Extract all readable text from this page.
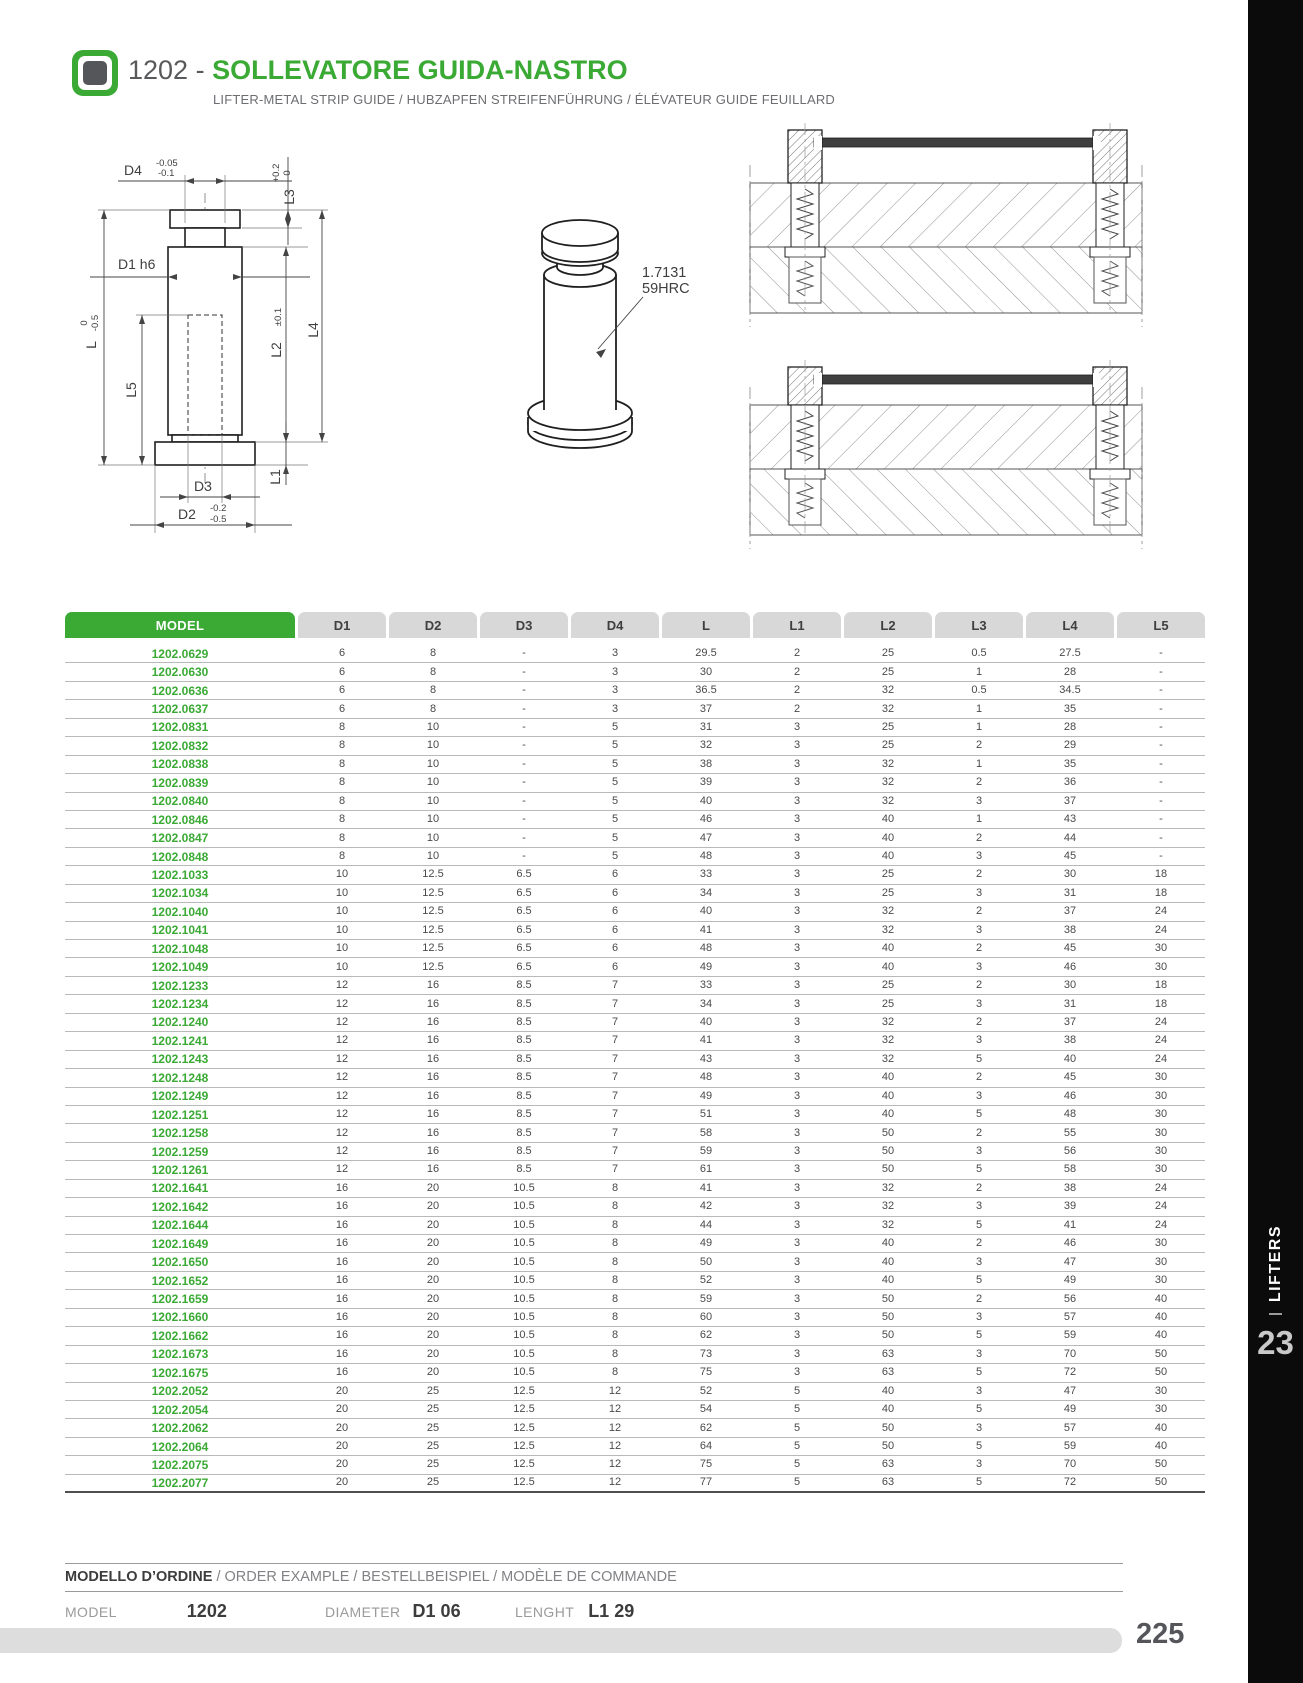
1202 - SOLLEVATORE GUIDA-NASTRO
LIFTER-METAL STRIP GUIDE / HUBZAPFEN STREIFENFÜHRUNG / ÉLÉVATEUR GUIDE FEUILLARD
D4 -0.05
-0.1
L3
+0.2 0
D1 h6
L
0 -0.5
L5
L2
±0.1
L4
L1
D3
D2 -0.2
-0.5
1.7131
59HRC
MODEL	D1	D2	D3	D4	L	L1	L2	L3	L4	L5
1202.0629	6	8	-	3	29.5	2	25	0.5	27.5	-
1202.0630	6	8	-	3	30	2	25	1	28	-
1202.0636	6	8	-	3	36.5	2	32	0.5	34.5	-
1202.0637	6	8	-	3	37	2	32	1	35	-
1202.0831	8	10	-	5	31	3	25	1	28	-
1202.0832	8	10	-	5	32	3	25	2	29	-
1202.0838	8	10	-	5	38	3	32	1	35	-
1202.0839	8	10	-	5	39	3	32	2	36	-
1202.0840	8	10	-	5	40	3	32	3	37	-
1202.0846	8	10	-	5	46	3	40	1	43	-
1202.0847	8	10	-	5	47	3	40	2	44	-
1202.0848	8	10	-	5	48	3	40	3	45	-
1202.1033	10	12.5	6.5	6	33	3	25	2	30	18
1202.1034	10	12.5	6.5	6	34	3	25	3	31	18
1202.1040	10	12.5	6.5	6	40	3	32	2	37	24
1202.1041	10	12.5	6.5	6	41	3	32	3	38	24
1202.1048	10	12.5	6.5	6	48	3	40	2	45	30
1202.1049	10	12.5	6.5	6	49	3	40	3	46	30
1202.1233	12	16	8.5	7	33	3	25	2	30	18
1202.1234	12	16	8.5	7	34	3	25	3	31	18
1202.1240	12	16	8.5	7	40	3	32	2	37	24
1202.1241	12	16	8.5	7	41	3	32	3	38	24
1202.1243	12	16	8.5	7	43	3	32	5	40	24
1202.1248	12	16	8.5	7	48	3	40	2	45	30
1202.1249	12	16	8.5	7	49	3	40	3	46	30
1202.1251	12	16	8.5	7	51	3	40	5	48	30
1202.1258	12	16	8.5	7	58	3	50	2	55	30
1202.1259	12	16	8.5	7	59	3	50	3	56	30
1202.1261	12	16	8.5	7	61	3	50	5	58	30
1202.1641	16	20	10.5	8	41	3	32	2	38	24
1202.1642	16	20	10.5	8	42	3	32	3	39	24
1202.1644	16	20	10.5	8	44	3	32	5	41	24
1202.1649	16	20	10.5	8	49	3	40	2	46	30
1202.1650	16	20	10.5	8	50	3	40	3	47	30
1202.1652	16	20	10.5	8	52	3	40	5	49	30
1202.1659	16	20	10.5	8	59	3	50	2	56	40
1202.1660	16	20	10.5	8	60	3	50	3	57	40
1202.1662	16	20	10.5	8	62	3	50	5	59	40
1202.1673	16	20	10.5	8	73	3	63	3	70	50
1202.1675	16	20	10.5	8	75	3	63	5	72	50
1202.2052	20	25	12.5	12	52	5	40	3	47	30
1202.2054	20	25	12.5	12	54	5	40	5	49	30
1202.2062	20	25	12.5	12	62	5	50	3	57	40
1202.2064	20	25	12.5	12	64	5	50	5	59	40
1202.2075	20	25	12.5	12	75	5	63	3	70	50
1202.2077	20	25	12.5	12	77	5	63	5	72	50
MODELLO D’ORDINE / ORDER EXAMPLE / BESTELLBEISPIEL / MODÈLE DE COMMANDE
MODEL	1202	DIAMETER D1 06	LENGHT L1 29
225
LIFTERS
23
